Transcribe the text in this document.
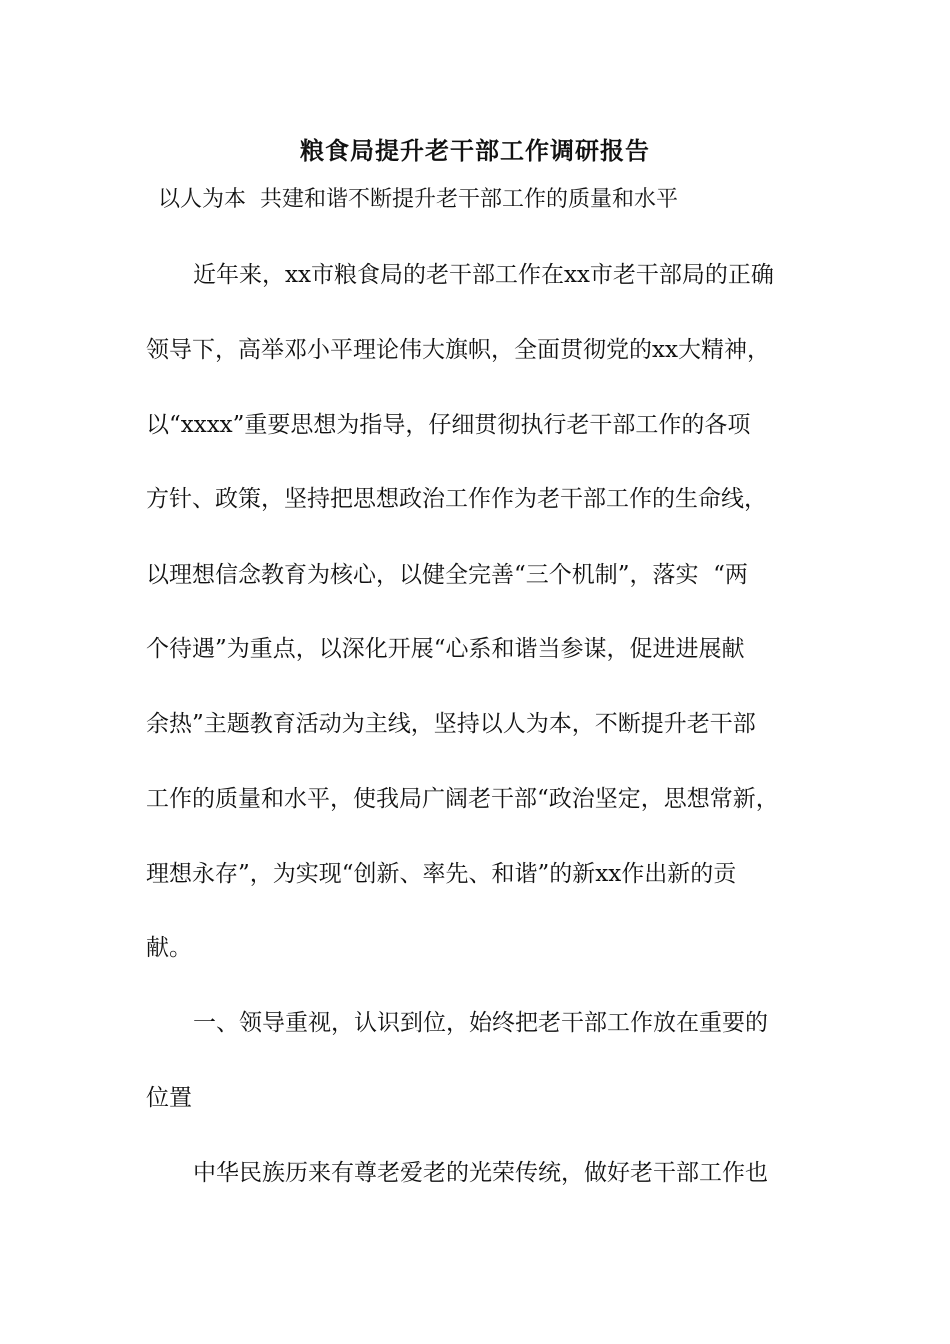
粮食局提升老干部工作调研报告
以人为本  共建和谐不断提升老干部工作的质量和水平
近年来，xx市粮食局的老干部工作在xx市老干部局的正确
领导下，高举邓小平理论伟大旗帜，全面贯彻党的xx大精神，
以“xxxx”重要思想为指导，仔细贯彻执行老干部工作的各项
方针、政策，坚持把思想政治工作作为老干部工作的生命线，
以理想信念教育为核心，以健全完善“三个机制”，落实  “两
个待遇”为重点，以深化开展“心系和谐当参谋，促进进展献
余热”主题教育活动为主线，坚持以人为本，不断提升老干部
工作的质量和水平，使我局广阔老干部“政治坚定，思想常新，
理想永存”，为实现“创新、率先、和谐”的新xx作出新的贡
献。
一、领导重视，认识到位，始终把老干部工作放在重要的
位置
中华民族历来有尊老爱老的光荣传统，做好老干部工作也
